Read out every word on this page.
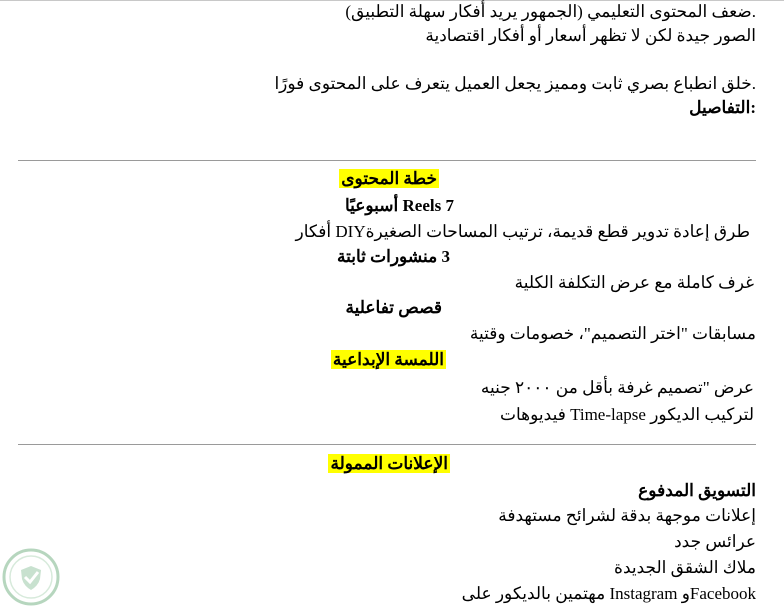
.ضعف المحتوى التعليمي (الجمهور يريد أفكار سهلة التطبيق)
الصور جيدة لكن لا تظهر أسعار أو أفكار اقتصادية
.خلق انطباع بصري ثابت ومميز يجعل العميل يتعرف على المحتوى فورًا
:التفاصيل
خطة المحتوى
7 Reels أسبوعيًا
طرق إعادة تدوير قطع قديمة، ترتيب المساحات الصغيرةDIY أفكار
3 منشورات ثابتة
غرف كاملة مع عرض التكلفة الكلية
قصص تفاعلية
مسابقات "اختر التصميم"، خصومات وقتية
اللمسة الإبداعية
عرض "تصميم غرفة بأقل من ٢٠٠٠ جنيه
لتركيب الديكور Time-lapse فيديوهات
الإعلانات الممولة
التسويق المدفوع
إعلانات موجهة بدقة لشرائح مستهدفة
عرائس جدد
ملاك الشقق الجديدة
Facebookو Instagram مهتمين بالديكور على
